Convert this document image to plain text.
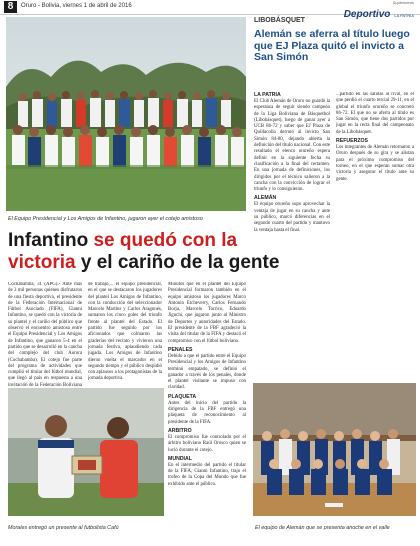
8	Oruro - Bolivia, viernes 1 de abril de 2016
Suplemento
Deportivo LA PATRIA
El Equipo Presidencial y Los Amigos de Infantino, jugaron ayer el cotejo amistoso
Infantino se quedó con la
victoria y el cariño de la gente
Cochabamba, 31 (APG).- Ante más de 3 mil personas quienes disfrutaron de una fiesta deportiva, el presidente de la Federación Internacional de Fútbol Asociado (FIFA), Gianni Infantino, se quedó con la victoria de su plantel y el cariño del público que observó el encuentro amistoso entre el Equipo Presidencial y Los Amigos de Infantino, que ganaron 5-4 en el partido que se desarrolló en la cancha del complejo del club Aurora (Cochabamba). El cotejo fue parte del programa de actividades que cumplió el titular del fútbol mundial, que llegó al país en respuesta a una invitación de la Federación Boliviana
de trabajo,... el equipo presidencial, en el que se destacaron los jugadores del plantel Los Amigos de Infantino, con la conducción del seleccionador Marcelo Martins y Carlos Aragonés, sumaron los cinco goles del triunfo frente al plantel del Estado. El partido fue seguido por los aficionados que colmaron las graderías del recinto y vivieron una jornada festiva, aplaudiendo cada jugada. Los Amigos de Infantino dieron vuelta el marcador en el segundo tiempo y el público despidió con aplausos a los protagonistas de la jornada deportiva.
Minutos que en el plantel del Equipo Presidencial formaron también en el equipo amistoso los jugadores Marco Antonio Etcheverry, Carlos Fernando Borja, Marcelo Torrico, Eduardo Jiguchi, que jugaron junto al Ministro de Deportes y autoridades del Estado. El presidente de la FBF agradeció la visita del titular de la FIFA y destacó el compromiso con el fútbol boliviano.
PENALES
Debido a que el partido entre el Equipo Presidencial y los Amigos de Infantino terminó empatado, se definió el ganador a través de los penales, donde el plantel visitante se impuso con claridad.
PLAQUETA
Antes del inicio del partido la dirigencia de la FBF entregó una plaqueta de reconocimiento al presidente de la FIFA.
ARBITRO
El compromiso fue controlado por el árbitro boliviano Raúl Orosco quien se lució durante el cotejo.
MUNDIAL
En el intermedio del partido el titular de la FIFA, Gianni Infantino, trajo el trofeo de la Copa del Mundo que fue exhibido ante el público.
Morales entregó un presente al futbolista Cafú
LIBOBÁSQUET
Alemán se aferra al título luego que EJ Plaza quitó el invicto a San Simón
LA PATRIA
El Club Alemán de Oruro no guardó la esperanza de seguir siendo campeón de la Liga Boliviana de Básquetbol (Libobásquet), luego de ganar ayer a UCB 86-72 y saber que EJ Plaza de Quillacollo derrotó al invicto San Simón 84-80, dejando abierta la definición del título nacional. Con este resultado el elenco orureño espera definir en la siguiente fecha su clasificación a la final del certamen. En una jornada de definiciones, los dirigidos por el técnico salieron a la cancha con la convicción de lograr el triunfo y lo consiguieron.
ALEMÁN
El equipo orureño supo aprovechar la ventaja de jugar en su cancha y ante su público, marcó diferencias en el segundo cuarto del partido y mantuvo la ventaja hasta el final.
...partido en las salidas al rival, en el que perdió el cuarto tercial 29-11, en el global el triunfo orureño se concretó 86-72. El que no se aferra al título es San Simón, que tiene dos partidos por jugar en la recta final del campeonato de la Libobásquet.
REFUERZOS
Los integrantes de Alemán retornaron a Oruro después de su gira y se alistan para el próximo compromiso del torneo, en el que esperan sumar otra victoria y asegurar el título ante su gente.
El equipo de Alemán que se presenta anoche en el valle
